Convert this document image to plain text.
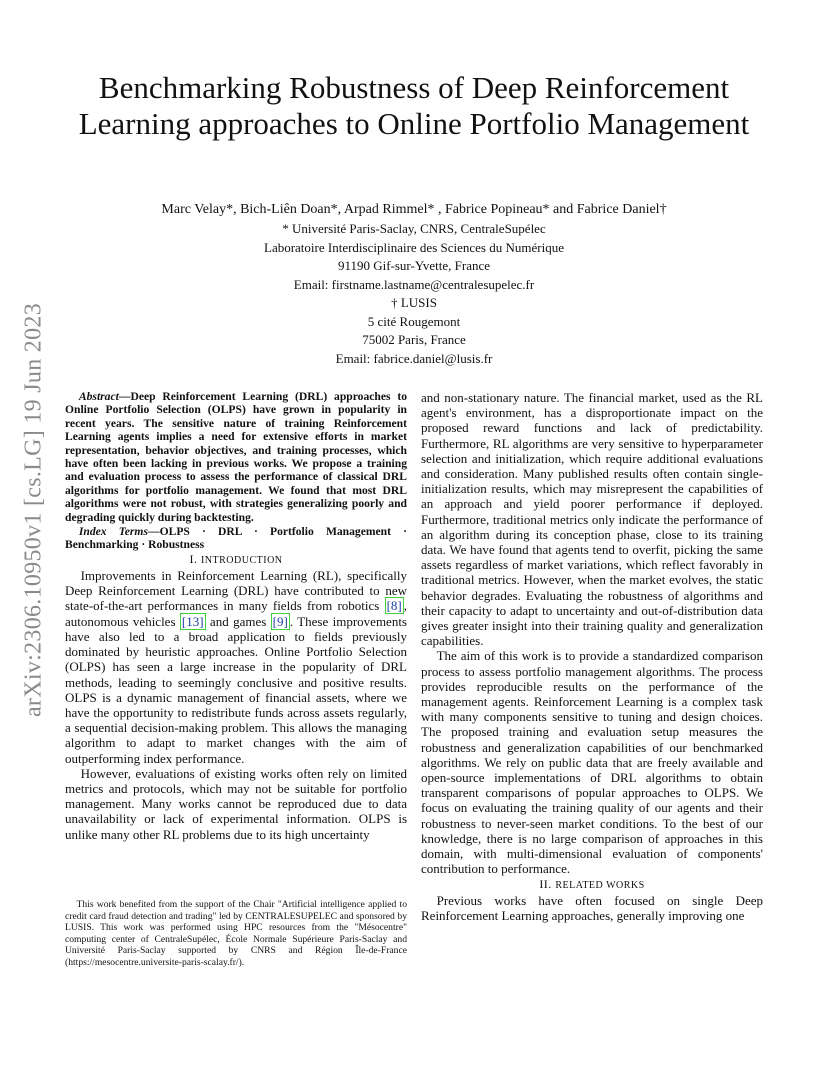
arXiv:2306.10950v1 [cs.LG] 19 Jun 2023
Benchmarking Robustness of Deep Reinforcement Learning approaches to Online Portfolio Management
Marc Velay*, Bich-Liên Doan*, Arpad Rimmel* , Fabrice Popineau* and Fabrice Daniel†
* Université Paris-Saclay, CNRS, CentraleSupélec
Laboratoire Interdisciplinaire des Sciences du Numérique
91190 Gif-sur-Yvette, France
Email: firstname.lastname@centralesupelec.fr
† LUSIS
5 cité Rougemont
75002 Paris, France
Email: fabrice.daniel@lusis.fr

Abstract—Deep Reinforcement Learning (DRL) approaches to Online Portfolio Selection (OLPS) have grown in popularity in recent years. The sensitive nature of training Reinforcement Learning agents implies a need for extensive efforts in market representation, behavior objectives, and training processes, which have often been lacking in previous works. We propose a training and evaluation process to assess the performance of classical DRL algorithms for portfolio management. We found that most DRL algorithms were not robust, with strategies generalizing poorly and degrading quickly during backtesting.

Index Terms—OLPS · DRL · Portfolio Management · Benchmarking · Robustness

I. INTRODUCTION

Improvements in Reinforcement Learning (RL), specifically Deep Reinforcement Learning (DRL) have contributed to new state-of-the-art performances in many fields from robotics [8] , autonomous vehicles [13] and games [9] . These improvements have also led to a broad application to fields previously dominated by heuristic approaches. Online Portfolio Selection (OLPS) has seen a large increase in the popularity of DRL methods, leading to seemingly conclusive and positive results. OLPS is a dynamic management of financial assets, where we have the opportunity to redistribute funds across assets regularly, a sequential decision-making problem. This allows the managing algorithm to adapt to market changes with the aim of outperforming index performance.

However, evaluations of existing works often rely on limited metrics and protocols, which may not be suitable for portfolio management. Many works cannot be reproduced due to data unavailability or lack of experimental information. OLPS is unlike many other RL problems due to its high uncertainty

This work benefited from the support of the Chair "Artificial intelligence applied to credit card fraud detection and trading" led by CENTRALESUPELEC and sponsored by LUSIS. This work was performed using HPC resources from the "Mésocentre" computing center of CentraleSupélec, École Normale Supérieure Paris-Saclay and Université Paris-Saclay supported by CNRS and Région Île-de-France (https://mesocentre.universite-paris-scalay.fr/).

and non-stationary nature. The financial market, used as the RL agent's environment, has a disproportionate impact on the proposed reward functions and lack of predictability. Furthermore, RL algorithms are very sensitive to hyperparameter selection and initialization, which require additional evaluations and consideration. Many published results often contain single-initialization results, which may misrepresent the capabilities of an approach and yield poorer performance if deployed. Furthermore, traditional metrics only indicate the performance of an algorithm during its conception phase, close to its training data. We have found that agents tend to overfit, picking the same assets regardless of market variations, which reflect favorably in traditional metrics. However, when the market evolves, the static behavior degrades. Evaluating the robustness of algorithms and their capacity to adapt to uncertainty and out-of-distribution data gives greater insight into their training quality and generalization capabilities.

The aim of this work is to provide a standardized comparison process to assess portfolio management algorithms. The process provides reproducible results on the performance of the management agents. Reinforcement Learning is a complex task with many components sensitive to tuning and design choices. The proposed training and evaluation setup measures the robustness and generalization capabilities of our benchmarked algorithms. We rely on public data that are freely available and open-source implementations of DRL algorithms to obtain transparent comparisons of popular approaches to OLPS. We focus on evaluating the training quality of our agents and their robustness to never-seen market conditions. To the best of our knowledge, there is no large comparison of approaches in this domain, with multi-dimensional evaluation of components' contribution to performance.

II. RELATED WORKS

Previous works have often focused on single Deep Reinforcement Learning approaches, generally improving one
